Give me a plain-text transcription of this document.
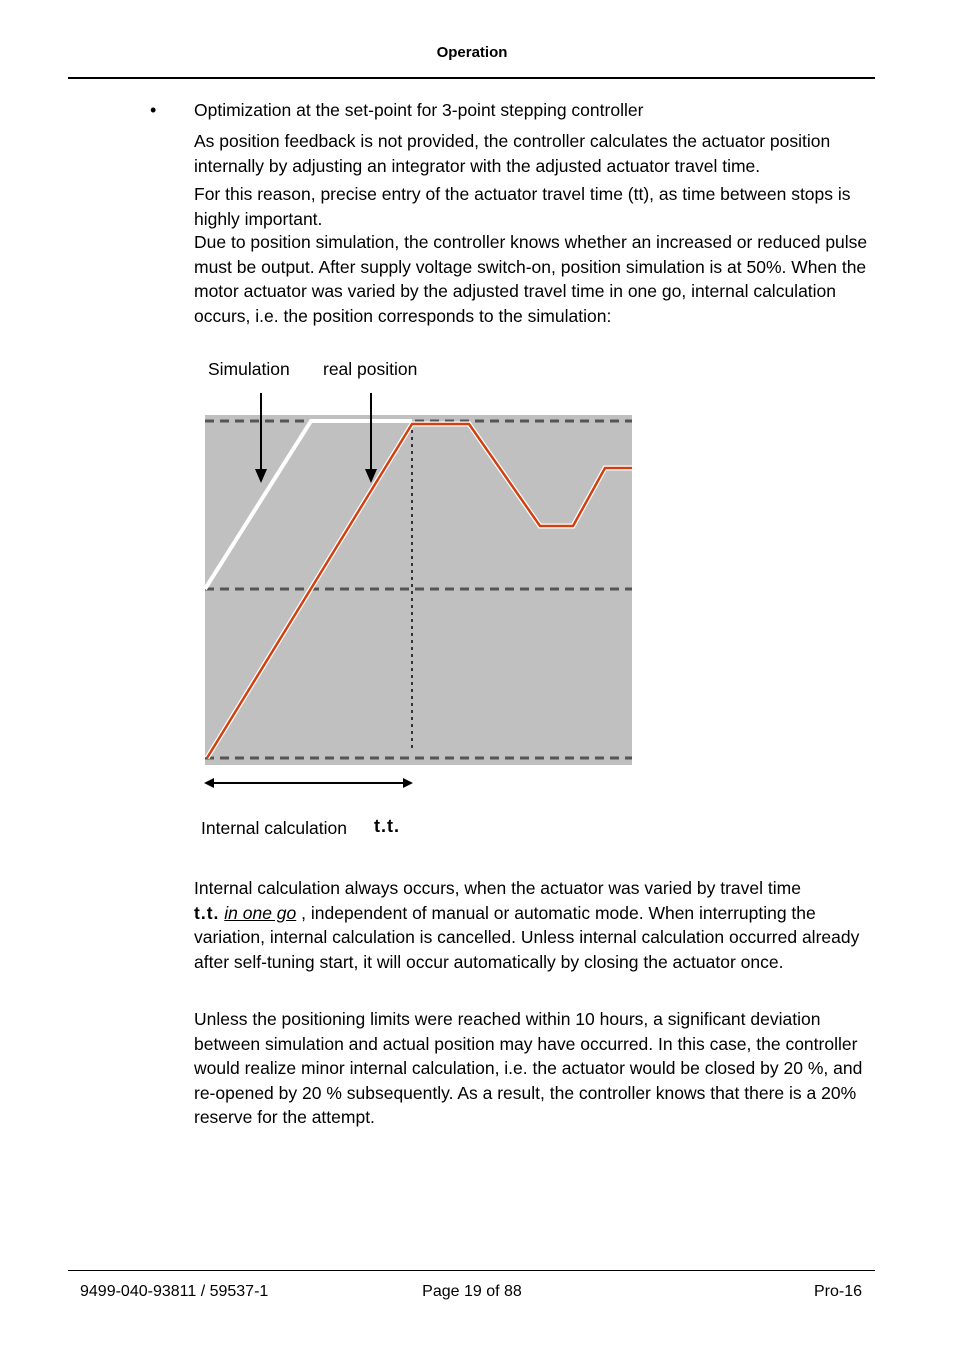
Operation
• Optimization at the set-point for 3-point stepping controller
As position feedback is not provided, the controller calculates the actuator position internally by adjusting an integrator with the adjusted actuator travel time.
For this reason, precise entry of the actuator travel time (tt), as time between stops is highly important.
Due to position simulation, the controller knows whether an increased or reduced pulse must be output. After supply voltage switch-on, position simulation is at 50%. When the motor actuator was varied by the adjusted travel time in one go, internal calculation occurs, i.e. the position corresponds to the simulation:
Simulation real position
Internal calculation t.t.
Internal calculation always occurs, when the actuator was varied by travel time
t.t. in one go , independent of manual or automatic mode. When interrupting the variation, internal calculation is cancelled. Unless internal calculation occurred already after self-tuning start, it will occur automatically by closing the actuator once.
Unless the positioning limits were reached within 10 hours, a significant deviation between simulation and actual position may have occurred. In this case, the controller would realize minor internal calculation, i.e. the actuator would be closed by 20 %, and re-opened by 20 % subsequently. As a result, the controller knows that there is a 20% reserve for the attempt.
9499-040-93811 / 59537-1	Page 19 of 88	Pro-16
